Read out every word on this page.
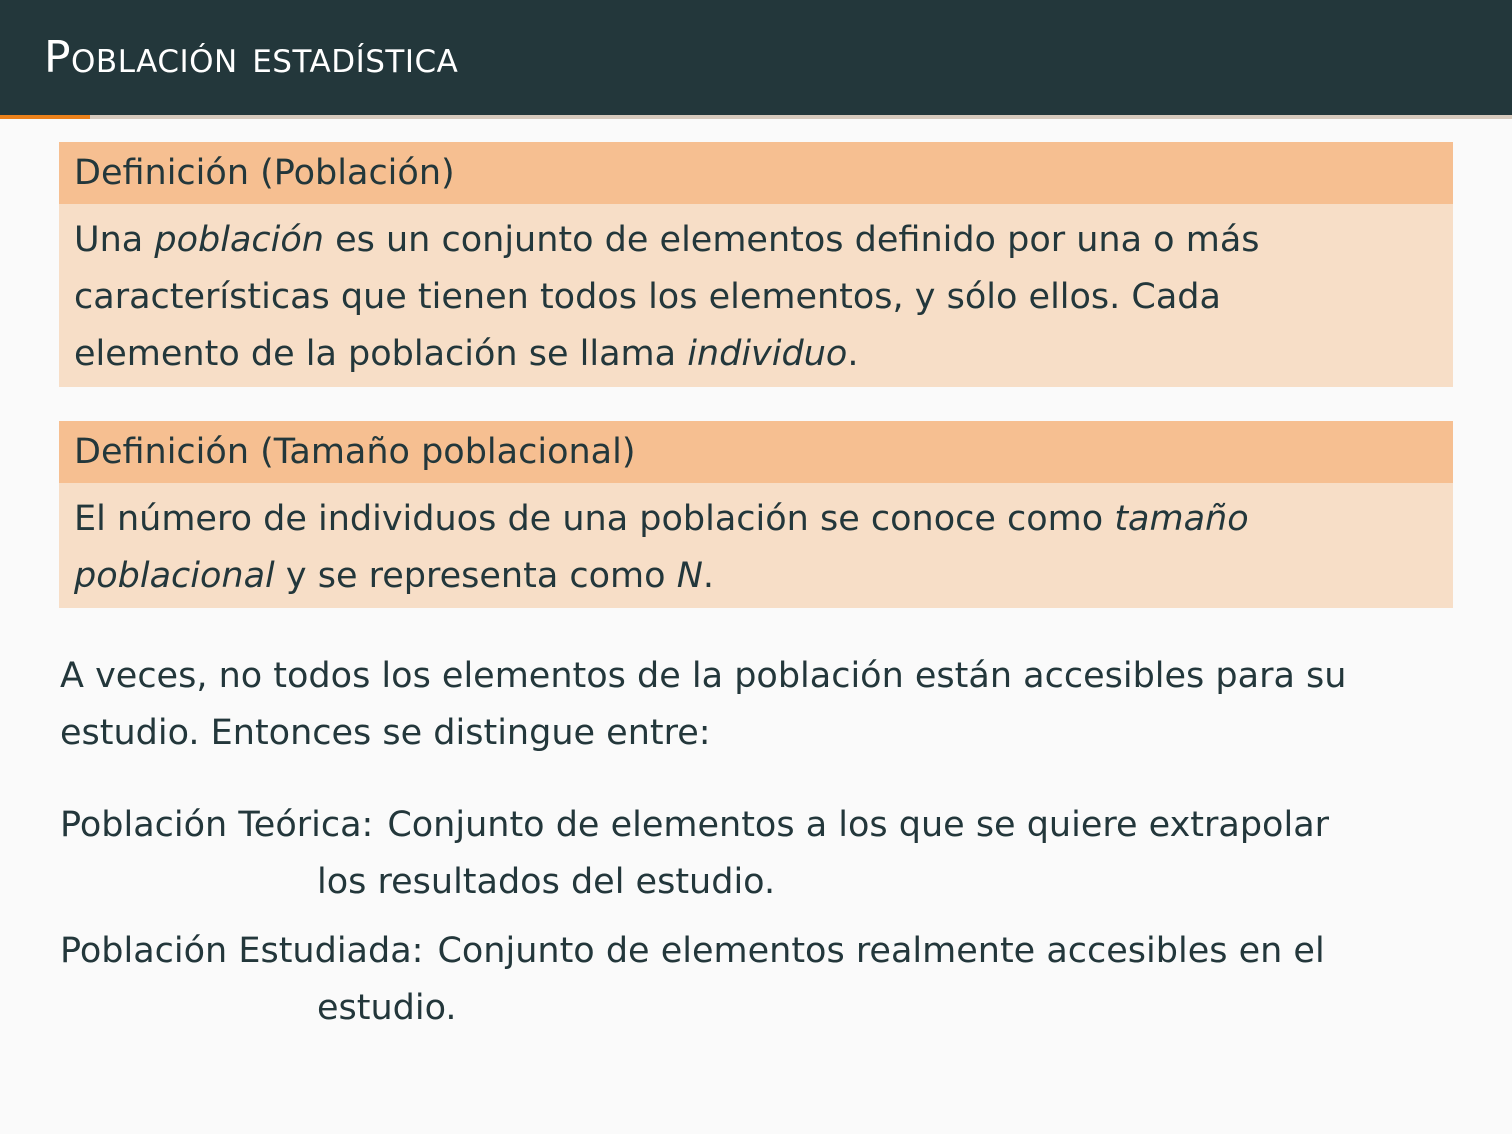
Población estadística
Definición (Población)
Una población es un conjunto de elementos definido por una o más
características que tienen todos los elementos, y sólo ellos. Cada
elemento de la población se llama individuo.
Definición (Tamaño poblacional)
El número de individuos de una población se conoce como tamaño
poblacional y se representa como N.
A veces, no todos los elementos de la población están accesibles para su
estudio. Entonces se distingue entre:
Población Teórica: Conjunto de elementos a los que se quiere extrapolar
los resultados del estudio.
Población Estudiada: Conjunto de elementos realmente accesibles en el
estudio.
